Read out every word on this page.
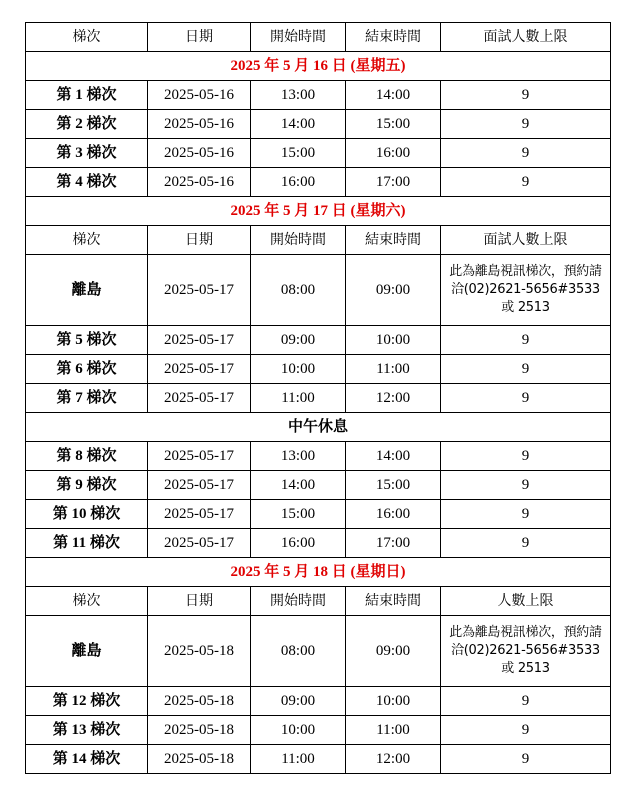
梯次	日期	開始時間	結束時間	面試人數上限
2025 年 5 月 16 日 (星期五)				
第 1 梯次	2025-05-16	13:00	14:00	9
第 2 梯次	2025-05-16	14:00	15:00	9
第 3 梯次	2025-05-16	15:00	16:00	9
第 4 梯次	2025-05-16	16:00	17:00	9
2025 年 5 月 17 日 (星期六)				
梯次	日期	開始時間	結束時間	面試人數上限
離島	2025-05-17	08:00	09:00	此為離島視訊梯次，預約請洽(02)2621-5656#3533 或 2513
第 5 梯次	2025-05-17	09:00	10:00	9
第 6 梯次	2025-05-17	10:00	11:00	9
第 7 梯次	2025-05-17	11:00	12:00	9
中午休息				
第 8 梯次	2025-05-17	13:00	14:00	9
第 9 梯次	2025-05-17	14:00	15:00	9
第 10 梯次	2025-05-17	15:00	16:00	9
第 11 梯次	2025-05-17	16:00	17:00	9
2025 年 5 月 18 日 (星期日)				
梯次	日期	開始時間	結束時間	人數上限
離島	2025-05-18	08:00	09:00	此為離島視訊梯次，預約請洽(02)2621-5656#3533 或 2513
第 12 梯次	2025-05-18	09:00	10:00	9
第 13 梯次	2025-05-18	10:00	11:00	9
第 14 梯次	2025-05-18	11:00	12:00	9
